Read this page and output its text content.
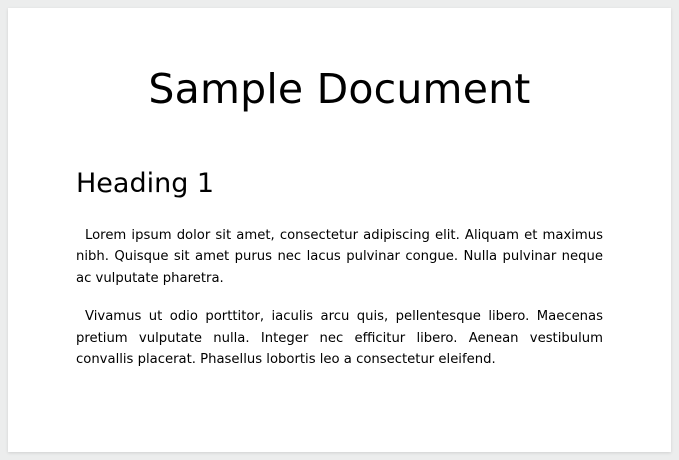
Sample Document
Heading 1

Lorem ipsum dolor sit amet, consectetur adipiscing elit. Aliquam et maximus nibh. Quisque sit amet purus nec lacus pulvinar congue. Nulla pulvinar neque ac vulputate pharetra.

Vivamus ut odio porttitor, iaculis arcu quis, pellentesque libero. Maecenas pretium vulputate nulla. Integer nec efficitur libero. Aenean vestibulum convallis placerat. Phasellus lobortis leo a consectetur eleifend.
